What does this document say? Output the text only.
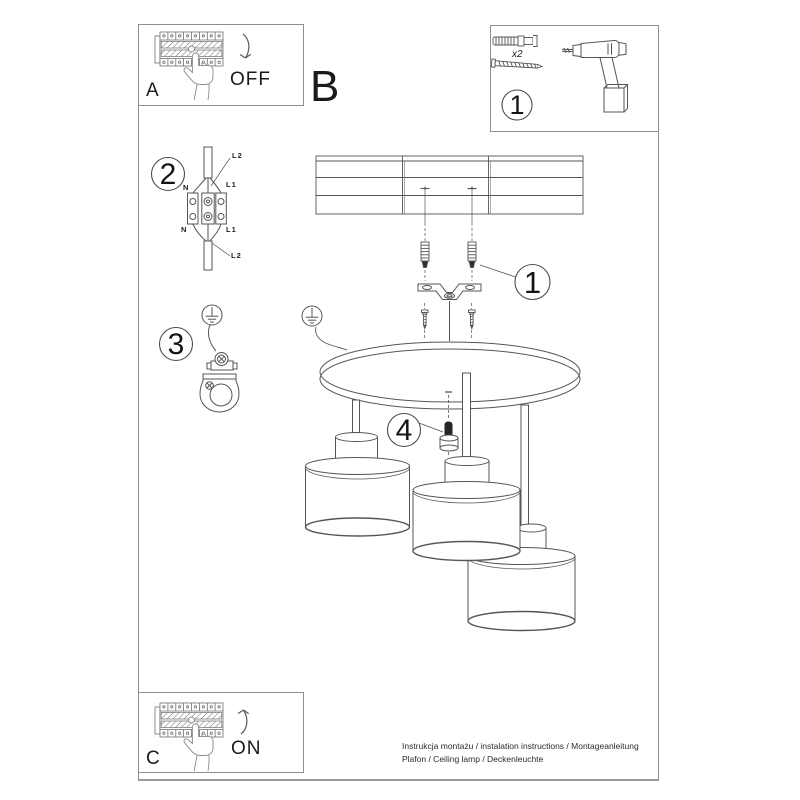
A
OFF B
C	ON
x2
1
2
3
1
4
L2
L1
N
N	L1
L2
Instrukcja montażu / instalation instructions / Montageanleitung
Plafon / Ceiling lamp / Deckenleuchte
